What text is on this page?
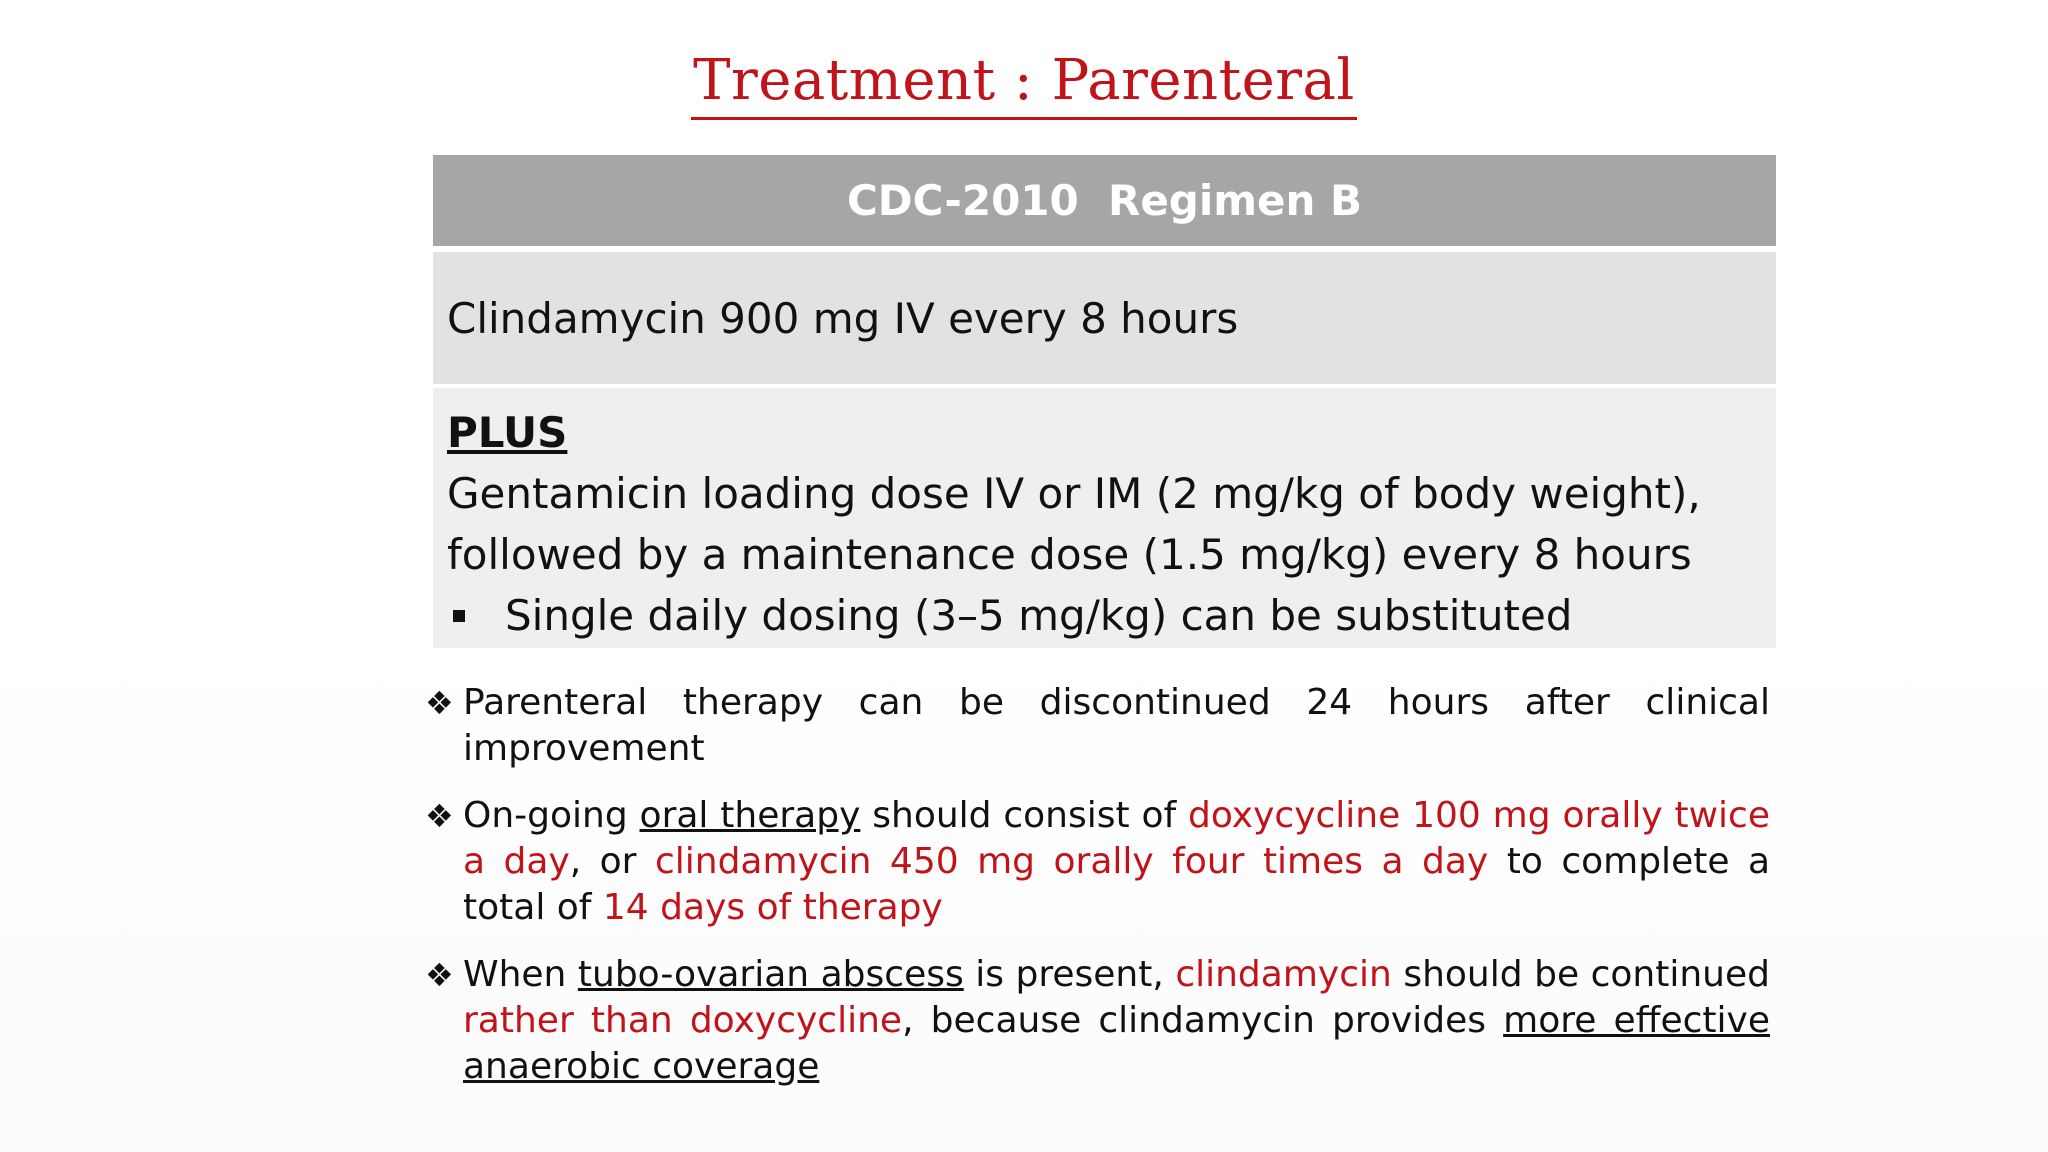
Treatment : Parenteral
CDC-2010  Regimen B
Clindamycin 900 mg IV every 8 hours
PLUS
Gentamicin loading dose IV or IM (2 mg/kg of body weight),
followed by a maintenance dose (1.5 mg/kg) every 8 hours
Single daily dosing (3–5 mg/kg) can be substituted
❖ Parenteral therapy can be discontinued 24 hours after clinical improvement
❖ On-going oral therapy should consist of doxycycline 100 mg orally twice a day, or clindamycin 450 mg orally four times a day to complete a total of 14 days of therapy
❖ When tubo-ovarian abscess is present, clindamycin should be continued rather than doxycycline, because clindamycin provides more effective anaerobic coverage
